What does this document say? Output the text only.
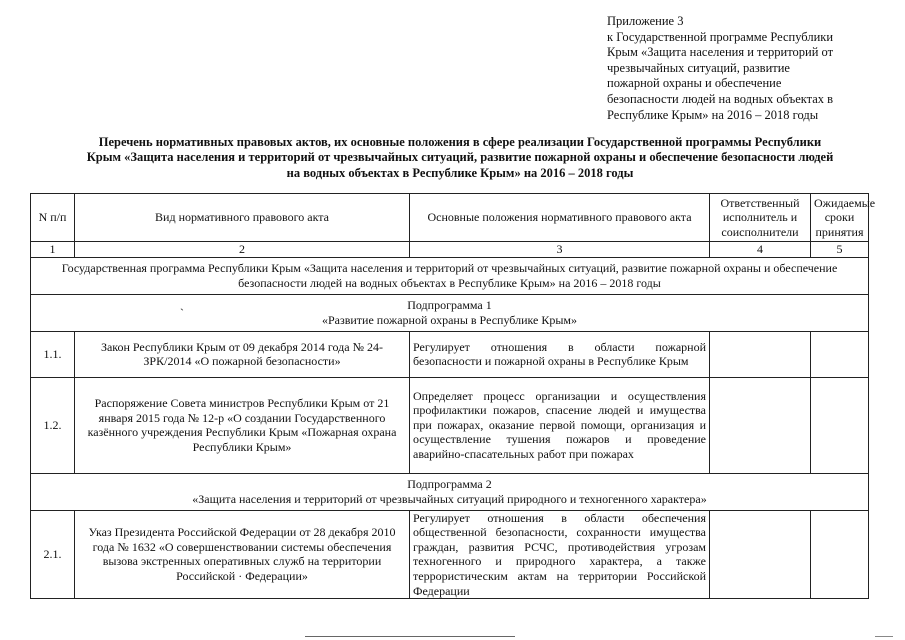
Приложение 3
к Государственной программе Республики
Крым «Защита населения и территорий от
чрезвычайных ситуаций, развитие
пожарной охраны и обеспечение
безопасности людей на водных объектах в
Республике Крым» на 2016 – 2018 годы
Перечень нормативных правовых актов, их основные положения в сфере реализации Государственной программы Республики
Крым «Защита населения и территорий от чрезвычайных ситуаций, развитие пожарной охраны и обеспечение безопасности людей
на водных объектах в Республике Крым» на 2016 – 2018 годы
N п/п	Вид нормативного правового акта	Основные положения нормативного правового акта	Ответственный исполнитель и соисполнители	Ожидаемые сроки принятия
1	2	3	4	5
Государственная программа Республики Крым «Защита населения и территорий от чрезвычайных ситуаций, развитие пожарной охраны и обеспечение безопасности людей на водных объектах в Республике Крым» на 2016 – 2018 годы				

Подпрограмма 1
«Развитие пожарной охраны в Республике Крым»				

1.1.	Закон Республики Крым от 09 декабря 2014 года № 24-ЗРК/2014 «О пожарной безопасности»	Регулирует отношения в области пожарной безопасности и пожарной охраны в Республике Крым		
1.2.	Распоряжение Совета министров Республики Крым от 21 января 2015 года № 12-р «О создании Государственного казённого учреждения Республики Крым «Пожарная охрана Республики Крым»	Определяет процесс организации и осуществления профилактики пожаров, спасение людей и имущества при пожарах, оказание первой помощи, организация и осуществление тушения пожаров и проведение аварийно-спасательных работ при пожарах		

Подпрограмма 2
«Защита населения и территорий от чрезвычайных ситуаций природного и техногенного характера»				

2.1.	Указ Президента Российской Федерации от 28 декабря 2010 года № 1632 «О совершенствовании системы обеспечения вызова экстренных оперативных служб на территории Российской · Федерации»	Регулирует отношения в области обеспечения общественной безопасности, сохранности имущества граждан, развития РСЧС, противодействия угрозам техногенного и природного характера, а также террористическим актам на территории Российской Федерации		
ˎ
